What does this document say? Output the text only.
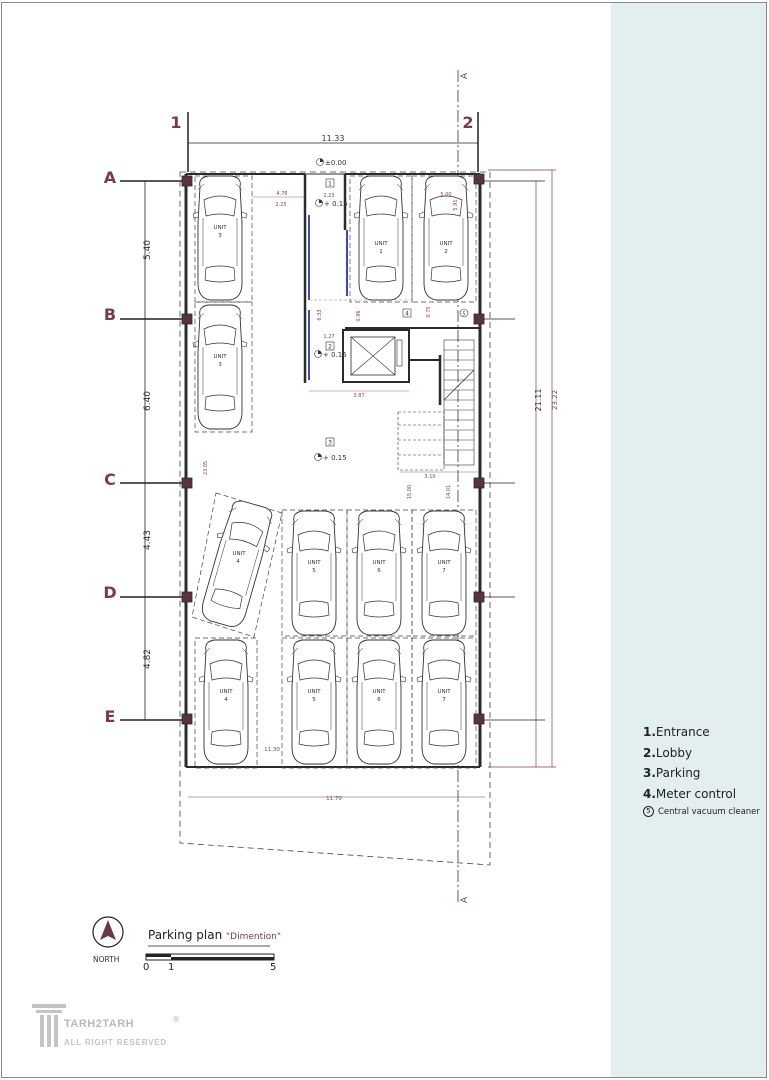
1	2
11.33
A
B
C
D
E
5.40
6.40
4.43
4.82
A
A
21.11 23.22
11.70
11.30
UNIT
3
UNIT
3
UNIT
1
UNIT
2
UNIT
4	UNIT
5
UNIT
6
UNIT
7
UNIT
4
UNIT
5
UNIT
6
UNIT
7
1
2
3
4	5
±0.00
+ 0.15
+ 0.15
+ 0.15
4.76
2.25
1.23	5.00
5.91
6.33
1.27
0.96	0.75
3.87
3.10
15.00	14.01
23.05
1.Entrance
2.Lobby
3.Parking
4.Meter control
5 Central vacuum cleaner
Parking plan "Dimention"
NORTH
0 1	5
TARH2TARH
ALL RIGHT RESERVED
®
